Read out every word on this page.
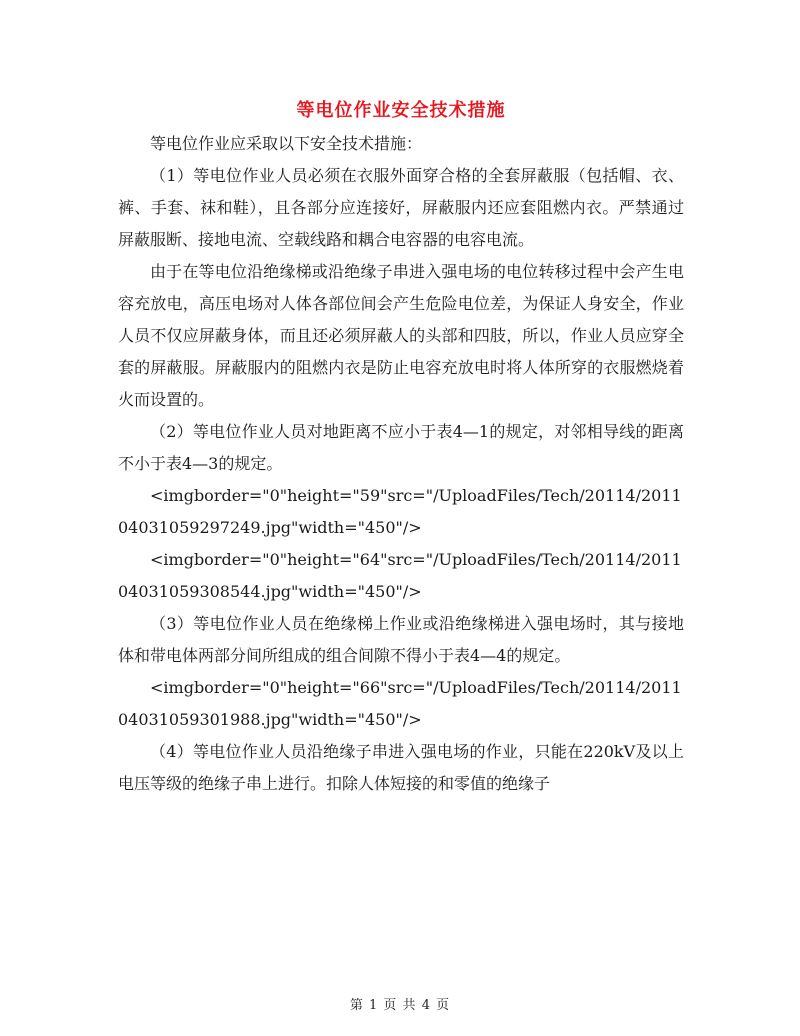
等电位作业安全技术措施

等电位作业应采取以下安全技术措施：

（1）等电位作业人员必须在衣服外面穿合格的全套屏蔽服（包括帽、衣、裤、手套、袜和鞋），且各部分应连接好，屏蔽服内还应套阻燃内衣。严禁通过屏蔽服断、接地电流、空载线路和耦合电容器的电容电流。

由于在等电位沿绝缘梯或沿绝缘子串进入强电场的电位转移过程中会产生电容充放电，高压电场对人体各部位间会产生危险电位差，为保证人身安全，作业人员不仅应屏蔽身体，而且还必须屏蔽人的头部和四肢，所以，作业人员应穿全套的屏蔽服。屏蔽服内的阻燃内衣是防止电容充放电时将人体所穿的衣服燃烧着火而设置的。

（2）等电位作业人员对地距离不应小于表4—1的规定，对邻相导线的距离不小于表4—3的规定。

<imgborder="0"height="59"src="/UploadFiles/Tech/20114/201104031059297249.jpg"width="450"/>

<imgborder="0"height="64"src="/UploadFiles/Tech/20114/201104031059308544.jpg"width="450"/>

（3）等电位作业人员在绝缘梯上作业或沿绝缘梯进入强电场时，其与接地体和带电体两部分间所组成的组合间隙不得小于表4—4的规定。

<imgborder="0"height="66"src="/UploadFiles/Tech/20114/201104031059301988.jpg"width="450"/>

（4）等电位作业人员沿绝缘子串进入强电场的作业，只能在220kV及以上电压等级的绝缘子串上进行。扣除人体短接的和零值的绝缘子

第 1 页 共 4 页
